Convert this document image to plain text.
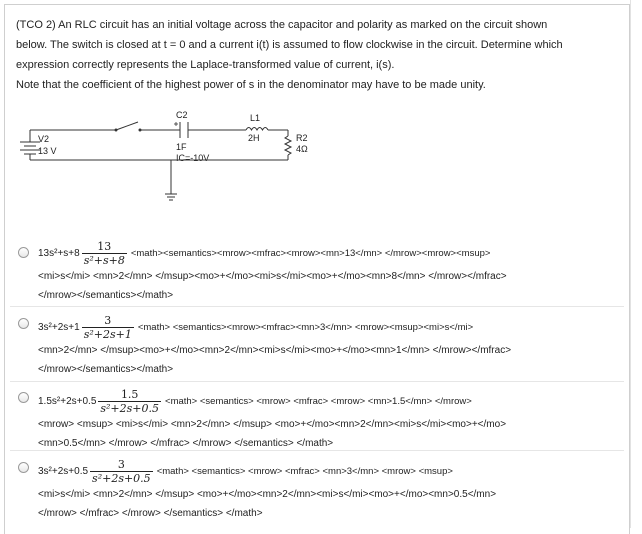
(TCO 2) An RLC circuit has an initial voltage across the capacitor and polarity as marked on the circuit shown

below. The switch is closed at t = 0 and a current i(t) is assumed to flow clockwise in the circuit. Determine which

expression correctly represents the Laplace-transformed value of current, i(s).

Note that the coefficient of the highest power of s in the denominator may have to be made unity.

V2
13 V
C2
1F
IC=-10V
L1
2H	R2
4Ω
$13s^2+s+8 \frac{13}{\text{s²+s+8}}$ <math><semantics><mrow><mfrac><mrow><mn>13</mn> </mrow><mrow><msup>
<mi>s</mi> <mn>2</mn> </msup><mo>+</mo><mi>s</mi><mo>+</mo><mn>8</mn> </mrow></mfrac>
</mrow></semantics></math>
$3s^2+2s+1 \frac{3}{\text{s²+2s+1}}$ <math> <semantics><mrow><mfrac><mn>3</mn> <mrow><msup><mi>s</mi>
<mn>2</mn> </msup><mo>+</mo><mn>2</mn><mi>s</mi><mo>+</mo><mn>1</mn> </mrow></mfrac>
</mrow></semantics></math>
$1.5s^2+2s+0.5 \frac{1.5}{\text{s²+2s+0.5}}$ <math> <semantics> <mrow> <mfrac> <mrow> <mn>1.5</mn> </mrow>
<mrow> <msup> <mi>s</mi> <mn>2</mn> </msup> <mo>+</mo><mn>2</mn><mi>s</mi><mo>+</mo>
<mn>0.5</mn> </mrow> </mfrac> </mrow> </semantics> </math>
$3s^2+2s+0.5 \frac{3}{\text{s²+2s+0.5}}$ <math> <semantics> <mrow> <mfrac> <mn>3</mn> <mrow> <msup>
<mi>s</mi> <mn>2</mn> </msup> <mo>+</mo><mn>2</mn><mi>s</mi><mo>+</mo><mn>0.5</mn>
</mrow> </mfrac> </mrow> </semantics> </math>
